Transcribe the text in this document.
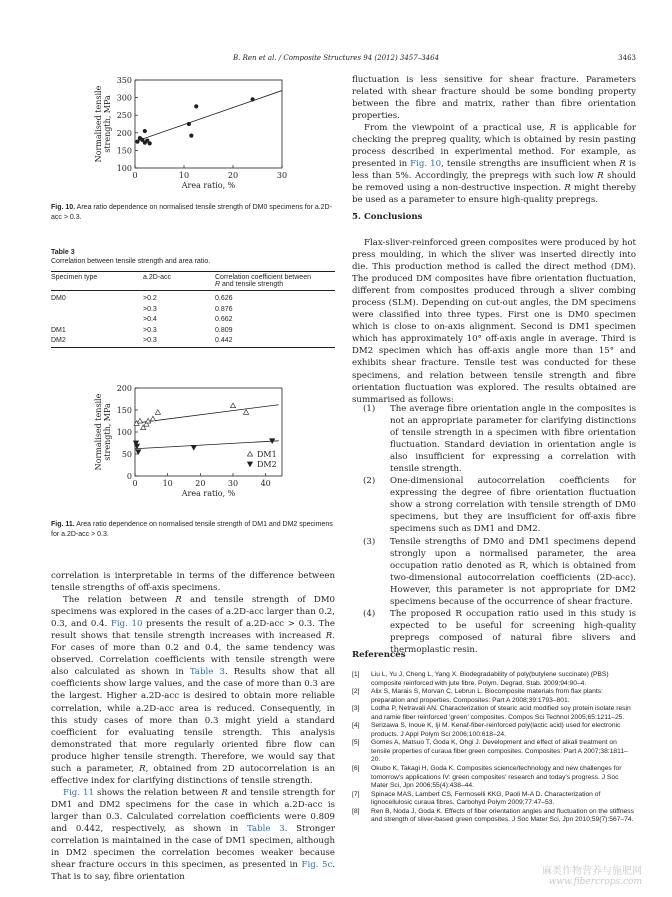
B. Ren et al. / Composite Structures 94 (2012) 3457–3464	3463
0	10	20	30
100
150
200
250
300
350
Area ratio, %
Normalised tensilestrength, MPa
Fig. 10. Area ratio dependence on normalised tensile strength of DM0 specimens for a.2D-acc > 0.3.
Table 3
Correlation between tensile strength and area ratio.
Specimen type	a.2D-acc	Correlation coefficient between
R and tensile strength
DM0	>0.2	0.626
	>0.3	0.876
	>0.4	0.662
DM1	>0.3	0.809
DM2	>0.3	0.442
0	10	20	30	40
0
50
100
150
200
Area ratio, %
Normalised tensilestrength, MPa	DM1
DM2
Fig. 11. Area ratio dependence on normalised tensile strength of DM1 and DM2 specimens for a.2D-acc > 0.3.

correlation is interpretable in terms of the difference between tensile strengths of off-axis specimens.

The relation between R and tensile strength of DM0 specimens was explored in the cases of a.2D-acc larger than 0.2, 0.3, and 0.4. Fig. 10 presents the result of a.2D-acc > 0.3. The result shows that tensile strength increases with increased R. For cases of more than 0.2 and 0.4, the same tendency was observed. Correlation coefficients with tensile strength were also calculated as shown in Table 3. Results show that all coefficients show large values, and the case of more than 0.3 are the largest. Higher a.2D-acc is desired to obtain more reliable correlation, while a.2D-acc area is reduced. Consequently, in this study cases of more than 0.3 might yield a standard coefficient for evaluating tensile strength. This analysis demonstrated that more regularly oriented fibre flow can produce higher tensile strength. Therefore, we would say that such a parameter, R, obtained from 2D autocorrelation is an effective index for clarifying distinctions of tensile strength.

Fig. 11 shows the relation between R and tensile strength for DM1 and DM2 specimens for the case in which a.2D-acc is larger than 0.3. Calculated correlation coefficients were 0.809 and 0.442, respectively, as shown in Table 3. Stronger correlation is maintained in the case of DM1 specimen, although in DM2 specimen the correlation becomes weaker because shear fracture occurs in this specimen, as presented in Fig. 5c. That is to say, fibre orientation

fluctuation is less sensitive for shear fracture. Parameters related with shear fracture should be some bonding property between the fibre and matrix, rather than fibre orientation properties.

From the viewpoint of a practical use, R is applicable for checking the prepreg quality, which is obtained by resin pasting process described in experimental method. For example, as presented in Fig. 10, tensile strengths are insufficient when R is less than 5%. Accordingly, the prepregs with such low R should be removed using a non-destructive inspection. R might thereby be used as a parameter to ensure high-quality prepregs.

5. Conclusions

Flax-sliver-reinforced green composites were produced by hot press moulding, in which the sliver was inserted directly into die. This production method is called the direct method (DM). The produced DM composites have fibre orientation fluctuation, different from composites produced through a sliver combing process (SLM). Depending on cut-out angles, the DM specimens were classified into three types. First one is DM0 specimen which is close to on-axis alignment. Second is DM1 specimen which has approximately 10° off-axis angle in average. Third is DM2 specimen which has off-axis angle more than 15° and exhibits shear fracture. Tensile test was conducted for these specimens, and relation between tensile strength and fibre orientation fluctuation was explored. The results obtained are summarised as follows:

(1) The average fibre orientation angle in the composites is not an appropriate parameter for clarifying distinctions of tensile strength in a specimen with fibre orientation fluctuation. Standard deviation in orientation angle is also insufficient for expressing a correlation with tensile strength.
(2) One-dimensional autocorrelation coefficients for expressing the degree of fibre orientation fluctuation show a strong correlation with tensile strength of DM0 specimens, but they are insufficient for off-axis fibre specimens such as DM1 and DM2.
(3) Tensile strengths of DM0 and DM1 specimens depend strongly upon a normalised parameter, the area occupation ratio denoted as R, which is obtained from two-dimensional autocorrelation coefficients (2D-acc). However, this parameter is not appropriate for DM2 specimens because of the occurrence of shear fracture.
(4) The proposed R occupation ratio used in this study is expected to be useful for screening high-quality prepregs composed of natural fibre slivers and thermoplastic resin.
References
[1] Liu L, Yu J, Cheng L, Yang X. Biodegradability of poly(butylene succinate) (PBS) composite reinforced with jute fibre. Polym. Degrad. Stab. 2009;94:90–4.
[2] Alix S, Marais S, Morvan C, Lebrun L. Biocomposite materials from flax plants: preparation and properties. Composites: Part A 2008;39:1793–801.
[3] Lodha P, Netravali AN. Characterization of stearic acid modified soy protein isolate resin and ramie fiber reinforced 'green' composites. Compos Sci Technol 2005;65:1211–25.
[4] Serizawa S, Inoue K, Iji M. Kenaf-fiber-reinforced poly(lactic acid) used for electronic products. J Appl Polym Sci 2006;100:618–24.
[5] Gomes A, Matsuo T, Goda K, Ohgi J. Development and effect of alkali treatment on tensile properties of curaua fiber green composites. Composites: Part A 2007;38:1811–20.
[6] Okubo K, Takagi H, Goda K. Composites science/technology and new challenges for tomorrow's applications IV: green composites' research and today's progress. J Soc Mater Sci, Jpn 2006;55(4):438–44.
[7] Spinace MAS, Lambert CS, Fermoselli KKG, Paoli M-A D. Characterization of lignocellulosic curaua fibres. Carbohyd Polym 2009;77:47–53.
[8] Ren B, Noda J, Goda K. Effects of fiber orientation angles and fluctuation on the stiffness and strength of sliver-based green composites. J Soc Mater Sci, Jpn 2010;59(7):567–74.
麻类作物营养与施肥网
www.fibercrops.com
